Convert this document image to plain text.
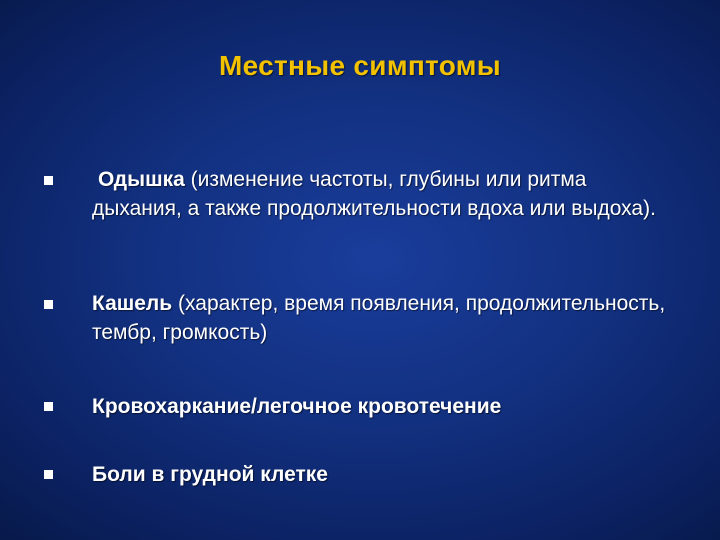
Местные симптомы
Одышка (изменение частоты, глубины или ритма дыхания, а также продолжительности вдоха или выдоха).
Кашель (характер, время появления, продолжительность, тембр, громкость)
Кровохаркание/легочное кровотечение
Боли в грудной клетке
